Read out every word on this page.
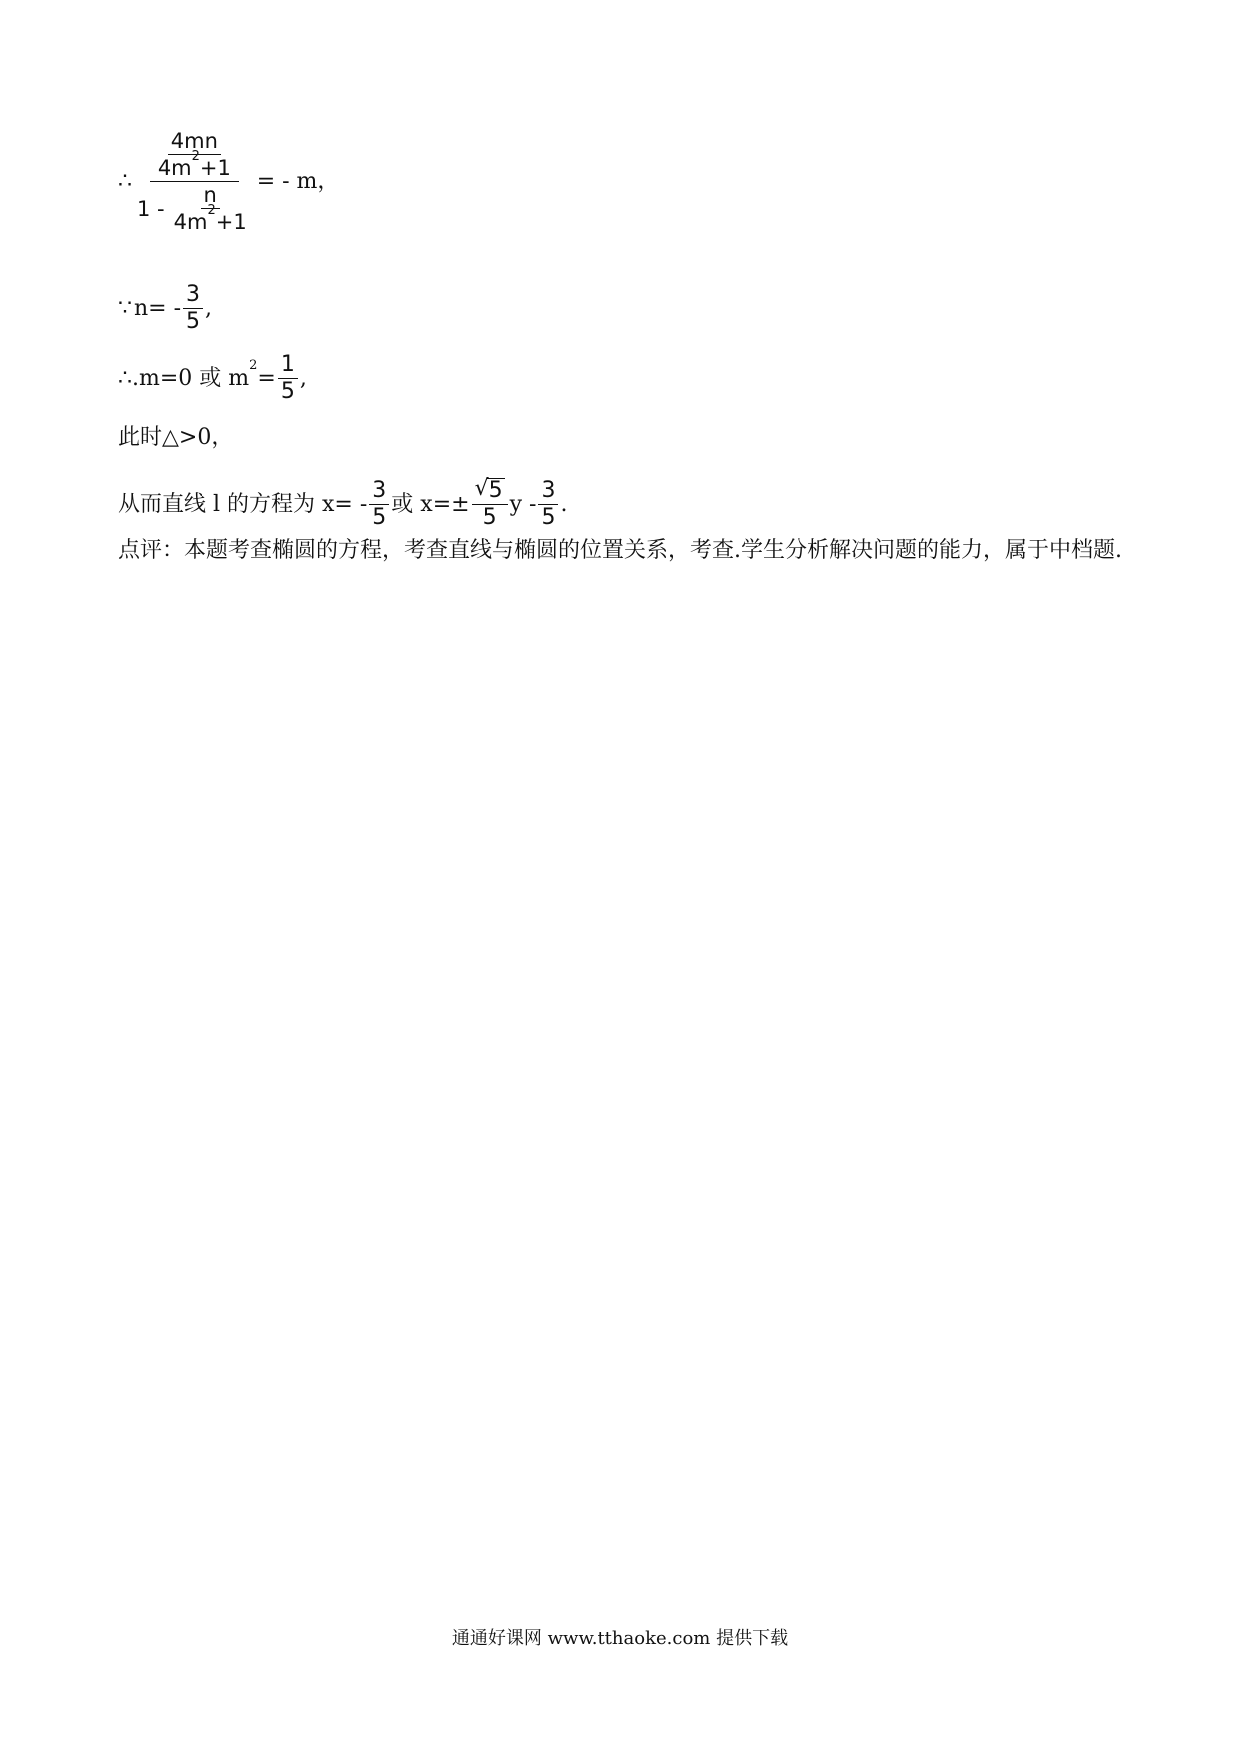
∴ $\frac{\frac{4mn}{4m^2+1}}{1 - \frac{n}{4m^2+1}}$ = - m，
∵ $n= - \frac{3}{5}$ ,
∴ .m=0 或 $m^2= \frac{1}{5}$ ,
此时△>0，
从而直线 l 的方程为 $x= - \frac{3}{5}$ 或 $x=\pm \frac{√ 5}{5}$ y - $\frac{3}{5}$ .
点评：本题考查椭圆的方程，考查直线与椭圆的位置关系，考查.学生分析解决问题的能力，属于中档题.
通通好课网 www.tthaoke.com 提供下载
